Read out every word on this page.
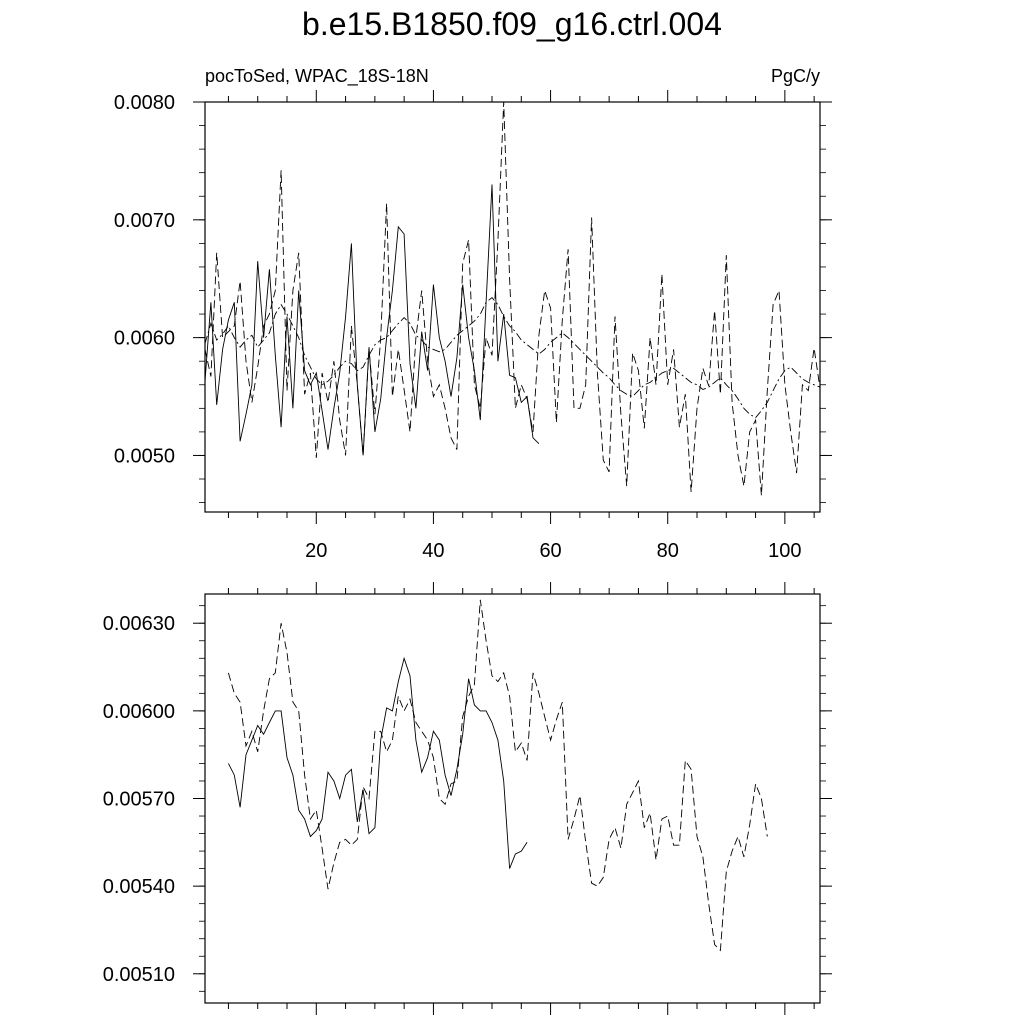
b.e15.B1850.f09_g16.ctrl.004
pocToSed, WPAC_18S-18N	PgC/y
20	40	60	80	100
0.0050
0.0060
0.0070
0.0080
0.00510
0.00540
0.00570
0.00600
0.00630
